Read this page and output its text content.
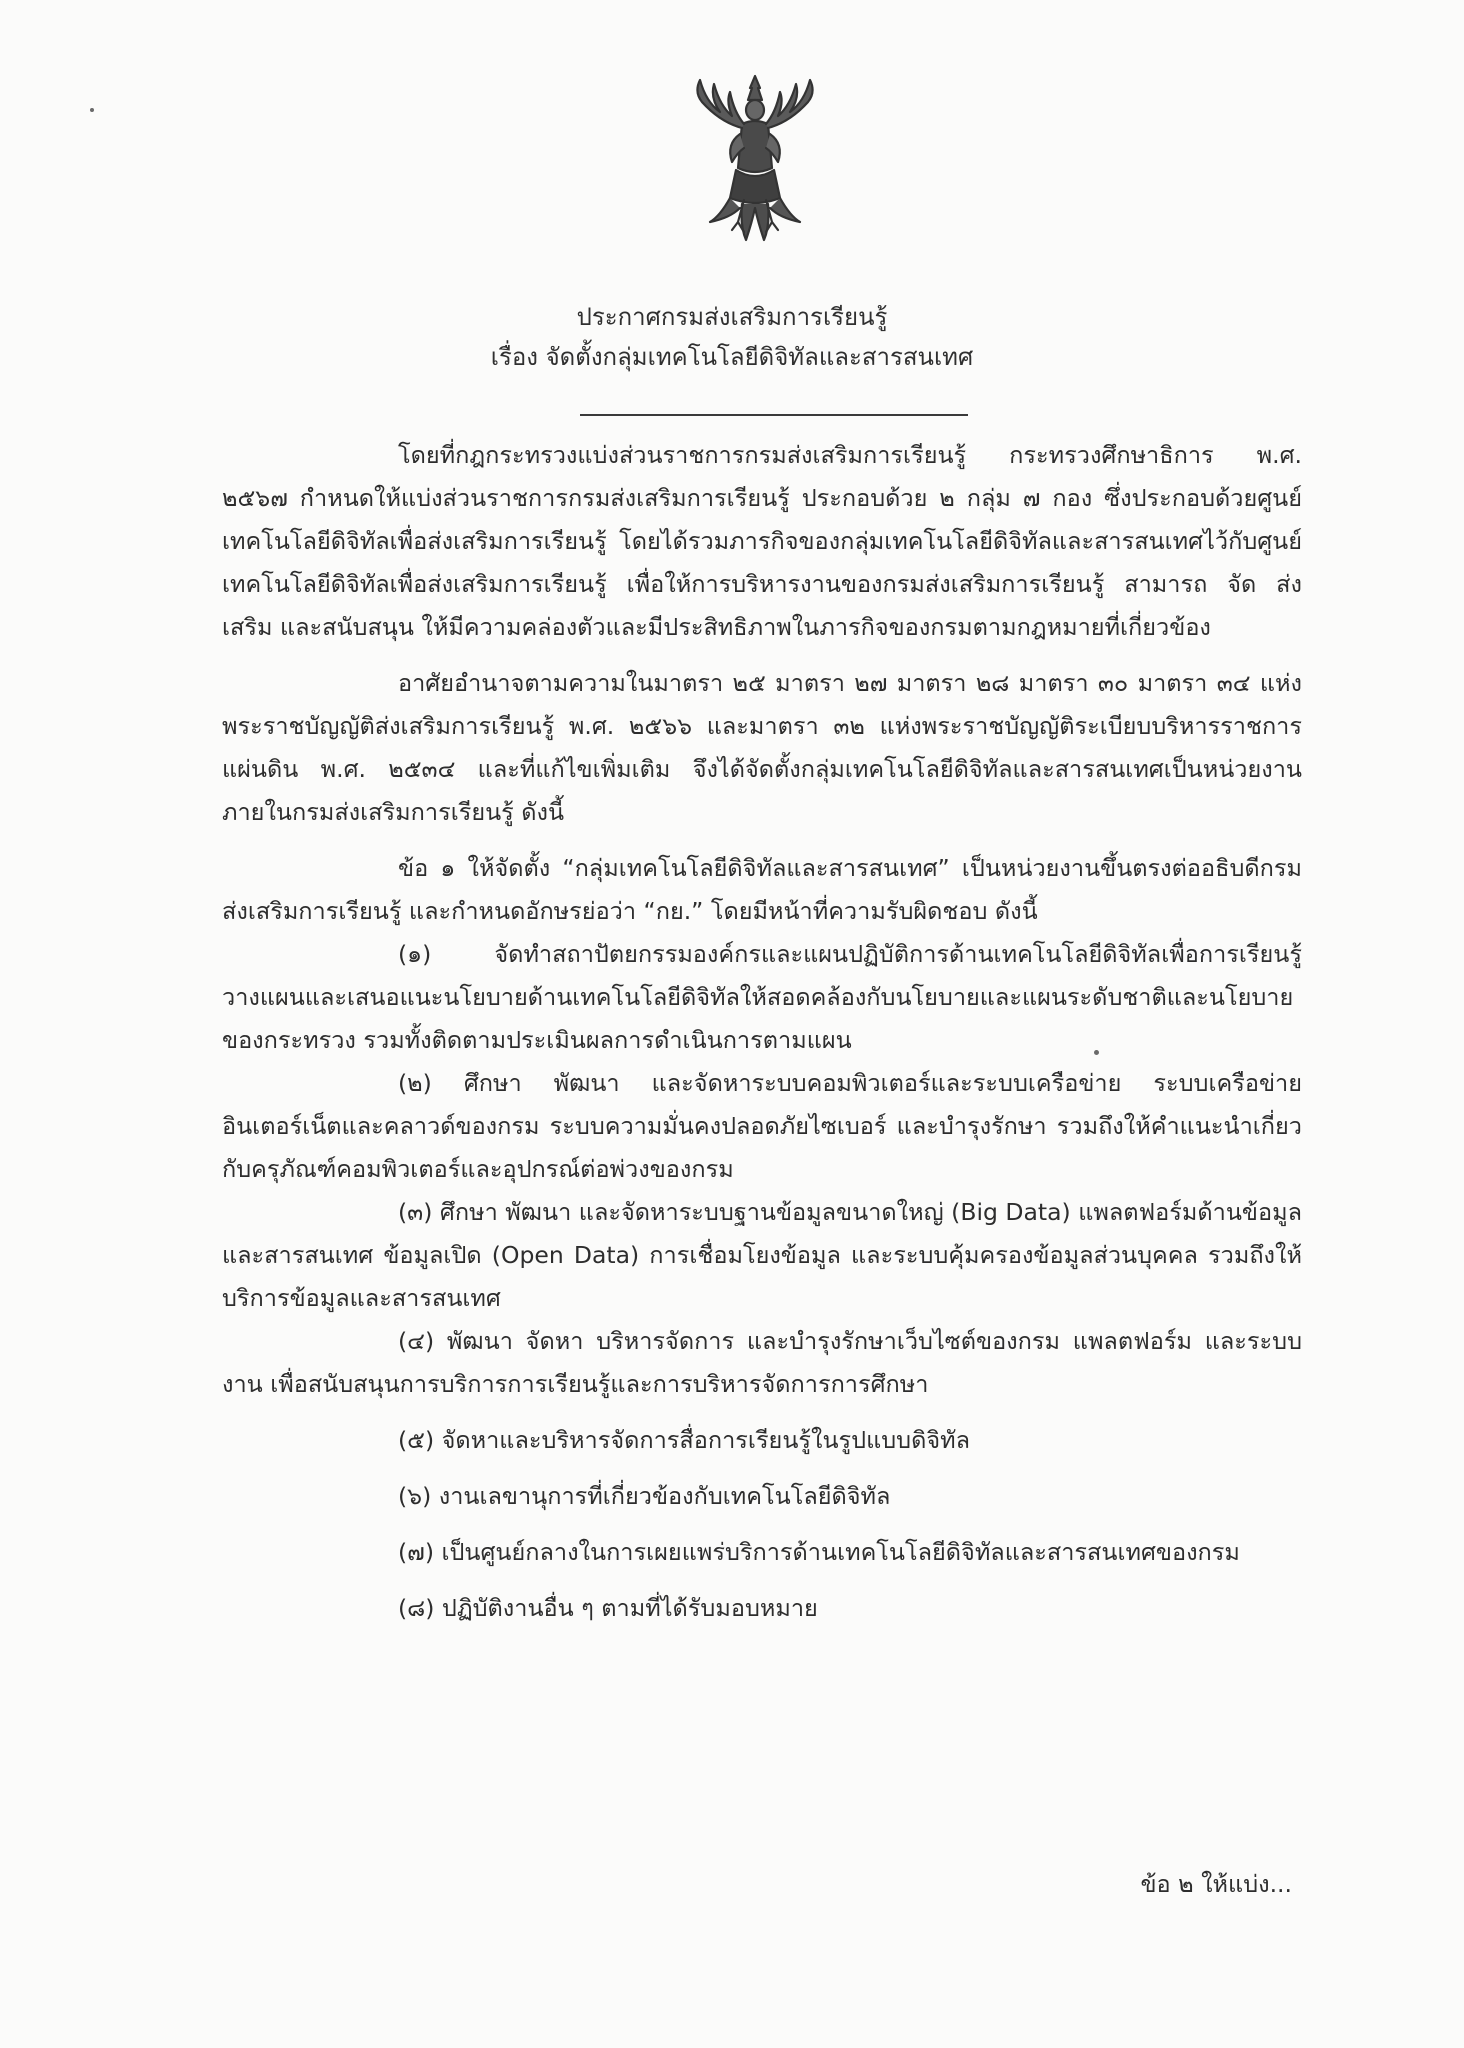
ประกาศกรมส่งเสริมการเรียนรู้
เรื่อง จัดตั้งกลุ่มเทคโนโลยีดิจิทัลและสารสนเทศ

โดยที่กฎกระทรวงแบ่งส่วนราชการกรมส่งเสริมการเรียนรู้ กระทรวงศึกษาธิการ พ.ศ. ๒๕๖๗ กำหนดให้แบ่งส่วนราชการกรมส่งเสริมการเรียนรู้ ประกอบด้วย ๒ กลุ่ม ๗ กอง ซึ่งประกอบด้วยศูนย์เทคโนโลยีดิจิทัลเพื่อส่งเสริมการเรียนรู้ โดยได้รวมภารกิจของกลุ่มเทคโนโลยีดิจิทัลและสารสนเทศไว้กับศูนย์เทคโนโลยีดิจิทัลเพื่อส่งเสริมการเรียนรู้ เพื่อให้การบริหารงานของกรมส่งเสริมการเรียนรู้ สามารถ จัด ส่งเสริม และสนับสนุน ให้มีความคล่องตัวและมีประสิทธิภาพในภารกิจของกรมตามกฎหมายที่เกี่ยวข้อง

อาศัยอำนาจตามความในมาตรา ๒๕ มาตรา ๒๗ มาตรา ๒๘ มาตรา ๓๐ มาตรา ๓๔ แห่งพระราชบัญญัติส่งเสริมการเรียนรู้ พ.ศ. ๒๕๖๖ และมาตรา ๓๒ แห่งพระราชบัญญัติระเบียบบริหารราชการแผ่นดิน พ.ศ. ๒๕๓๔ และที่แก้ไขเพิ่มเติม จึงได้จัดตั้งกลุ่มเทคโนโลยีดิจิทัลและสารสนเทศเป็นหน่วยงานภายในกรมส่งเสริมการเรียนรู้ ดังนี้

ข้อ ๑ ให้จัดตั้ง “กลุ่มเทคโนโลยีดิจิทัลและสารสนเทศ” เป็นหน่วยงานขึ้นตรงต่ออธิบดีกรมส่งเสริมการเรียนรู้ และกำหนดอักษรย่อว่า “กย.” โดยมีหน้าที่ความรับผิดชอบ ดังนี้

(๑) จัดทำสถาปัตยกรรมองค์กรและแผนปฏิบัติการด้านเทคโนโลยีดิจิทัลเพื่อการเรียนรู้ วางแผนและเสนอแนะนโยบายด้านเทคโนโลยีดิจิทัลให้สอดคล้องกับนโยบายและแผนระดับชาติและนโยบายของกระทรวง รวมทั้งติดตามประเมินผลการดำเนินการตามแผน

(๒) ศึกษา พัฒนา และจัดหาระบบคอมพิวเตอร์และระบบเครือข่าย ระบบเครือข่ายอินเตอร์เน็ตและคลาวด์ของกรม ระบบความมั่นคงปลอดภัยไซเบอร์ และบำรุงรักษา รวมถึงให้คำแนะนำเกี่ยวกับครุภัณฑ์คอมพิวเตอร์และอุปกรณ์ต่อพ่วงของกรม

(๓) ศึกษา พัฒนา และจัดหาระบบฐานข้อมูลขนาดใหญ่ (Big Data) แพลตฟอร์มด้านข้อมูลและสารสนเทศ ข้อมูลเปิด (Open Data) การเชื่อมโยงข้อมูล และระบบคุ้มครองข้อมูลส่วนบุคคล รวมถึงให้บริการข้อมูลและสารสนเทศ

(๔) พัฒนา จัดหา บริหารจัดการ และบำรุงรักษาเว็บไซต์ของกรม แพลตฟอร์ม และระบบงาน เพื่อสนับสนุนการบริการการเรียนรู้และการบริหารจัดการการศึกษา

(๕) จัดหาและบริหารจัดการสื่อการเรียนรู้ในรูปแบบดิจิทัล

(๖) งานเลขานุการที่เกี่ยวข้องกับเทคโนโลยีดิจิทัล

(๗) เป็นศูนย์กลางในการเผยแพร่บริการด้านเทคโนโลยีดิจิทัลและสารสนเทศของกรม

(๘) ปฏิบัติงานอื่น ๆ ตามที่ได้รับมอบหมาย

ข้อ ๒ ให้แบ่ง...
